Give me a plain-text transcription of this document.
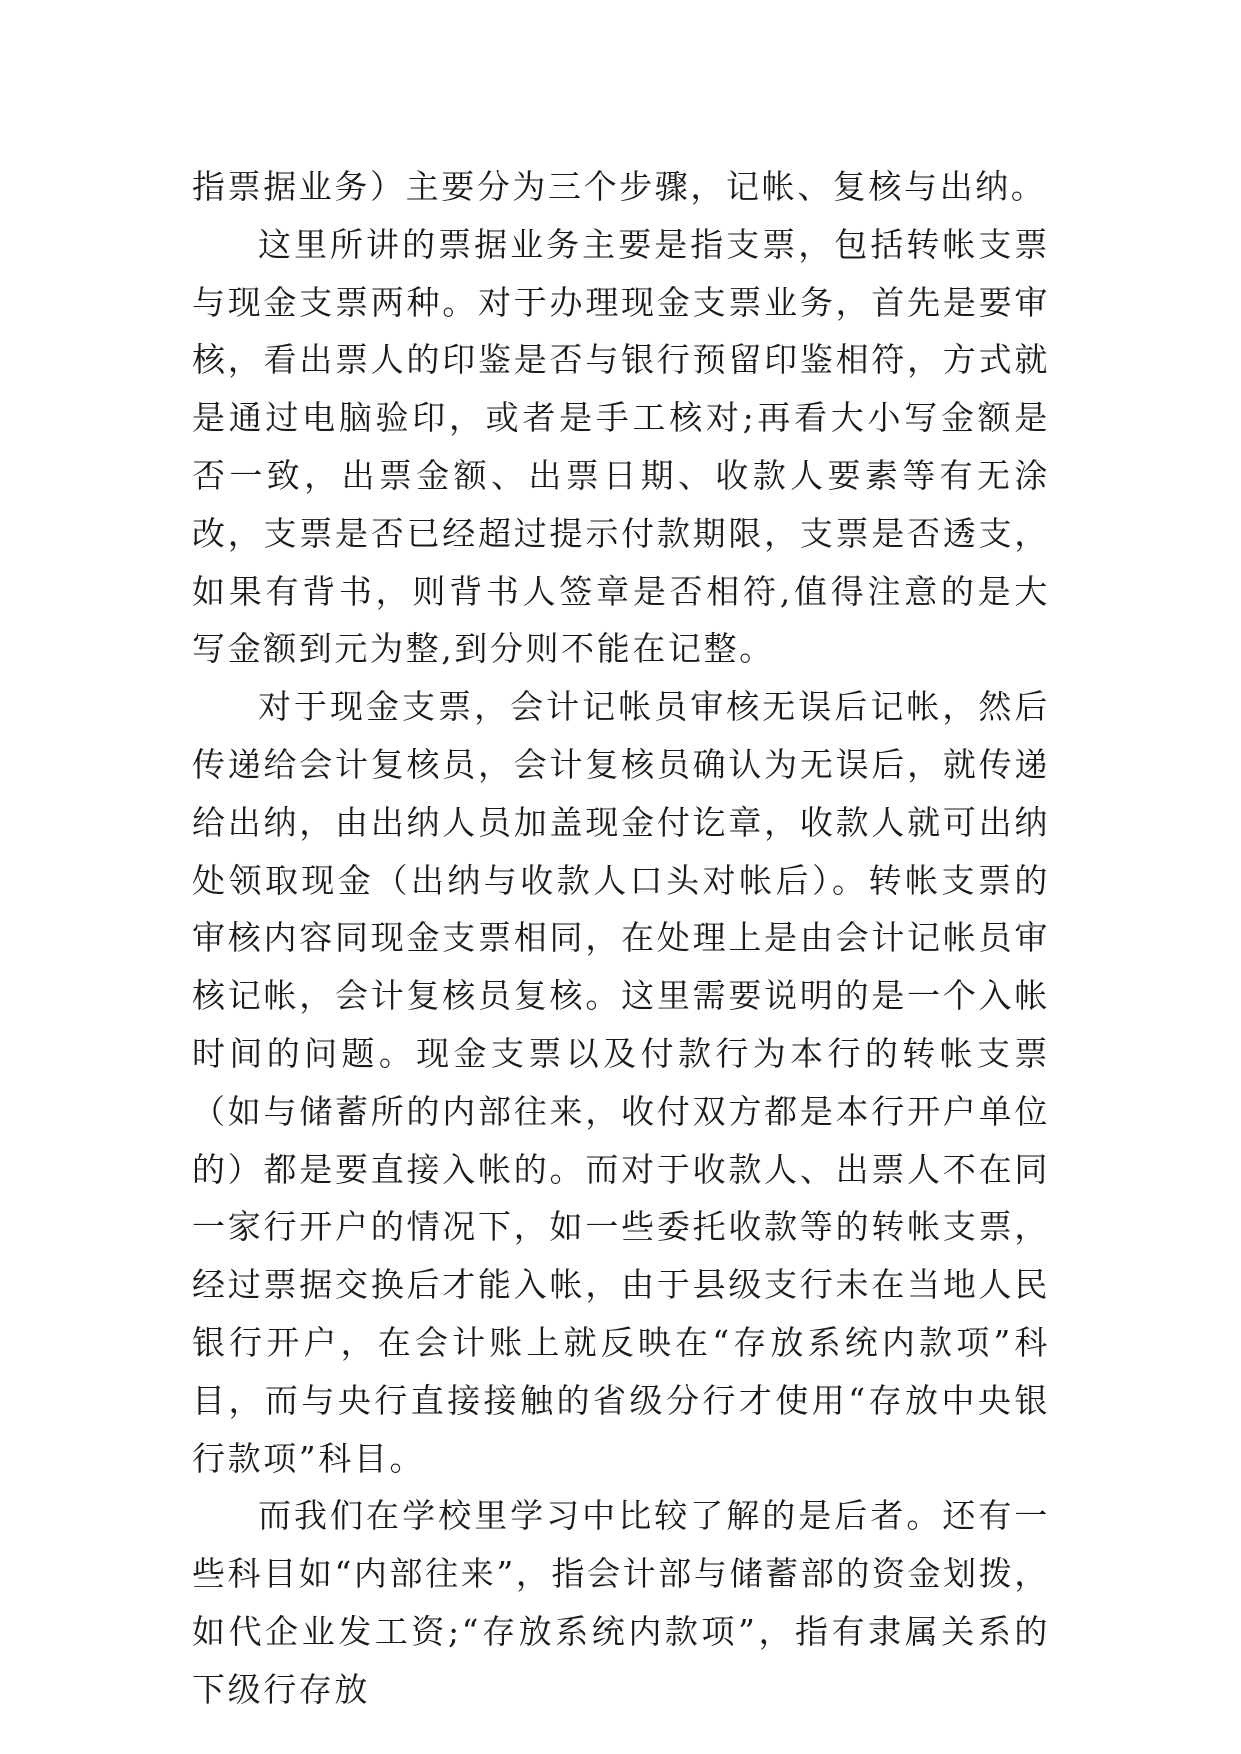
指票据业务）主要分为三个步骤，记帐、复核与出纳。

这里所讲的票据业务主要是指支票，包括转帐支票与现金支票两种。对于办理现金支票业务，首先是要审核，看出票人的印鉴是否与银行预留印鉴相符，方式就是通过电脑验印，或者是手工核对;再看大小写金额是否一致，出票金额、出票日期、收款人要素等有无涂改，支票是否已经超过提示付款期限，支票是否透支，如果有背书，则背书人签章是否相符,值得注意的是大写金额到元为整,到分则不能在记整。

对于现金支票，会计记帐员审核无误后记帐，然后传递给会计复核员，会计复核员确认为无误后，就传递给出纳，由出纳人员加盖现金付讫章，收款人就可出纳处领取现金（出纳与收款人口头对帐后）。转帐支票的审核内容同现金支票相同，在处理上是由会计记帐员审核记帐，会计复核员复核。这里需要说明的是一个入帐时间的问题。现金支票以及付款行为本行的转帐支票（如与储蓄所的内部往来，收付双方都是本行开户单位的）都是要直接入帐的。而对于收款人、出票人不在同一家行开户的情况下，如一些委托收款等的转帐支票，经过票据交换后才能入帐，由于县级支行未在当地人民银行开户，在会计账上就反映在“存放系统内款项”科目，而与央行直接接触的省级分行才使用“存放中央银行款项”科目。

而我们在学校里学习中比较了解的是后者。还有一些科目如“内部往来”，指会计部与储蓄部的资金划拨，如代企业发工资;“存放系统内款项”，指有隶属关系的下级行存放
